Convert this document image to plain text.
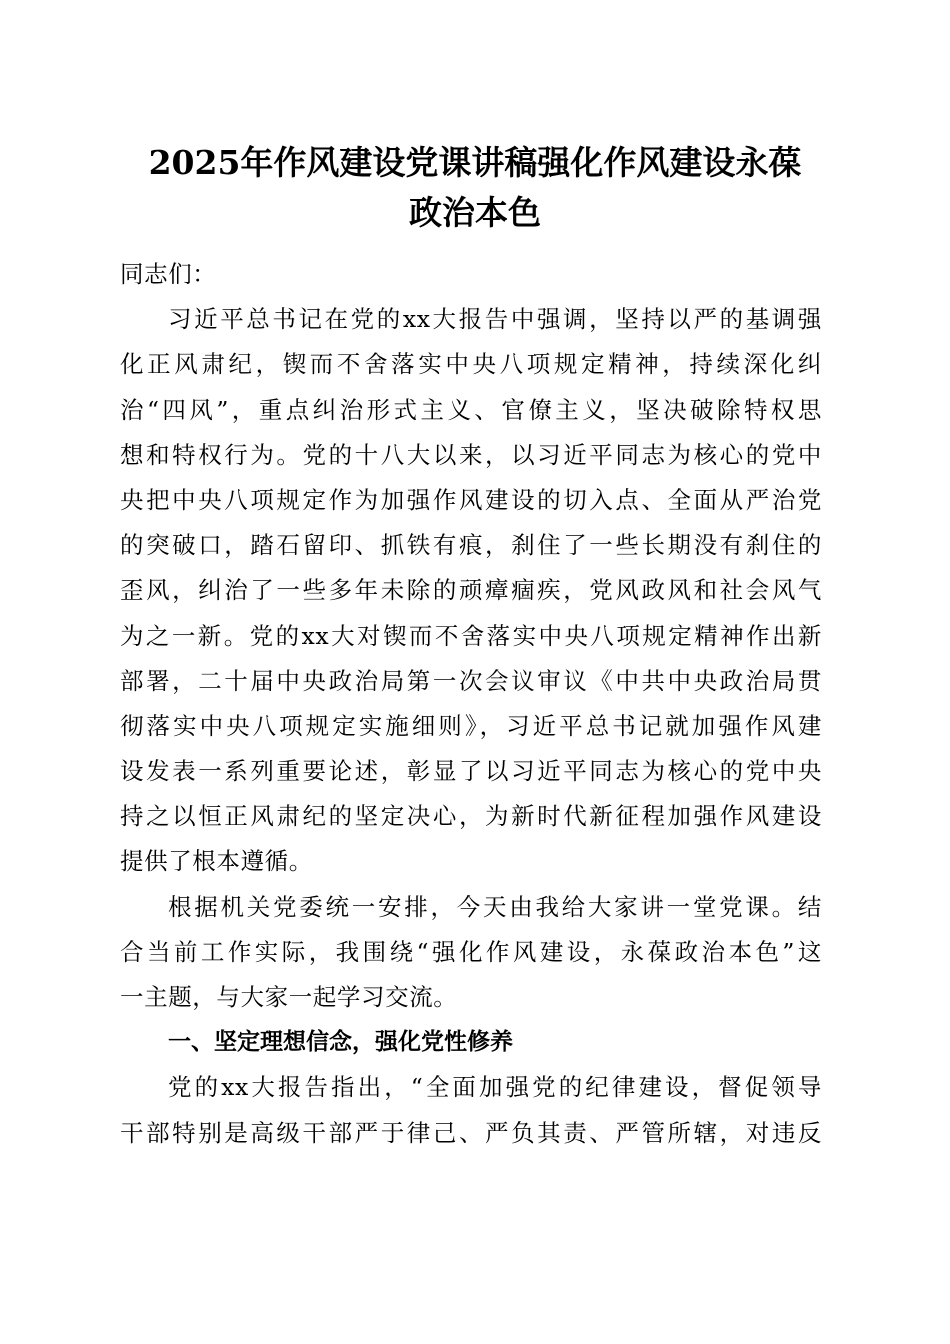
2025年作风建设党课讲稿强化作风建设永葆
政治本色

同志们：

习近平总书记在党的xx大报告中强调，坚持以严的基调强
化正风肃纪，锲而不舍落实中央八项规定精神，持续深化纠
治“四风”，重点纠治形式主义、官僚主义，坚决破除特权思
想和特权行为。党的十八大以来，以习近平同志为核心的党中
央把中央八项规定作为加强作风建设的切入点、全面从严治党
的突破口，踏石留印、抓铁有痕，刹住了一些长期没有刹住的
歪风，纠治了一些多年未除的顽瘴痼疾，党风政风和社会风气
为之一新。党的xx大对锲而不舍落实中央八项规定精神作出新
部署，二十届中央政治局第一次会议审议《中共中央政治局贯
彻落实中央八项规定实施细则》，习近平总书记就加强作风建
设发表一系列重要论述，彰显了以习近平同志为核心的党中央
持之以恒正风肃纪的坚定决心，为新时代新征程加强作风建设
提供了根本遵循。

根据机关党委统一安排，今天由我给大家讲一堂党课。结
合当前工作实际，我围绕“强化作风建设，永葆政治本色”这
一主题，与大家一起学习交流。

一、坚定理想信念，强化党性修养

党的xx大报告指出，“全面加强党的纪律建设，督促领导
干部特别是高级干部严于律己、严负其责、严管所辖，对违反
